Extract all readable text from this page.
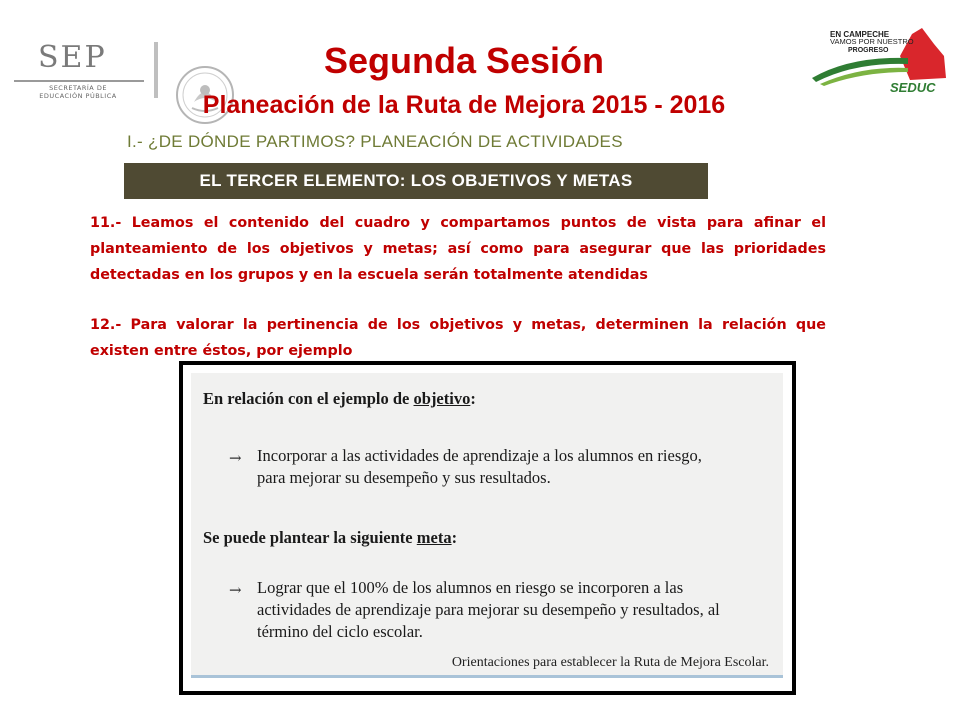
SEP
SECRETARÍA DE
EDUCACIÓN PÚBLICA
EN CAMPECHE
VAMOS POR NUESTRO
PROGRESO
SEDUC
Segunda Sesión
Planeación de la Ruta de Mejora 2015 - 2016
I.- ¿DE DÓNDE PARTIMOS? PLANEACIÓN DE ACTIVIDADES
EL TERCER ELEMENTO: LOS OBJETIVOS Y METAS
11.- Leamos el contenido del cuadro y compartamos puntos de vista para afinar el planteamiento de los objetivos y metas; así como para asegurar que las prioridades detectadas en los grupos y en la escuela serán totalmente atendidas
12.- Para valorar la pertinencia de los objetivos y metas, determinen la relación que existen entre éstos, por ejemplo
En relación con el ejemplo de objetivo:
→ Incorporar a las actividades de aprendizaje a los alumnos en riesgo,
para mejorar su desempeño y sus resultados.
Se puede plantear la siguiente meta:
→ Lograr que el 100% de los alumnos en riesgo se incorporen a las
actividades de aprendizaje para mejorar su desempeño y resultados, al
término del ciclo escolar.
Orientaciones para establecer la Ruta de Mejora Escolar.
